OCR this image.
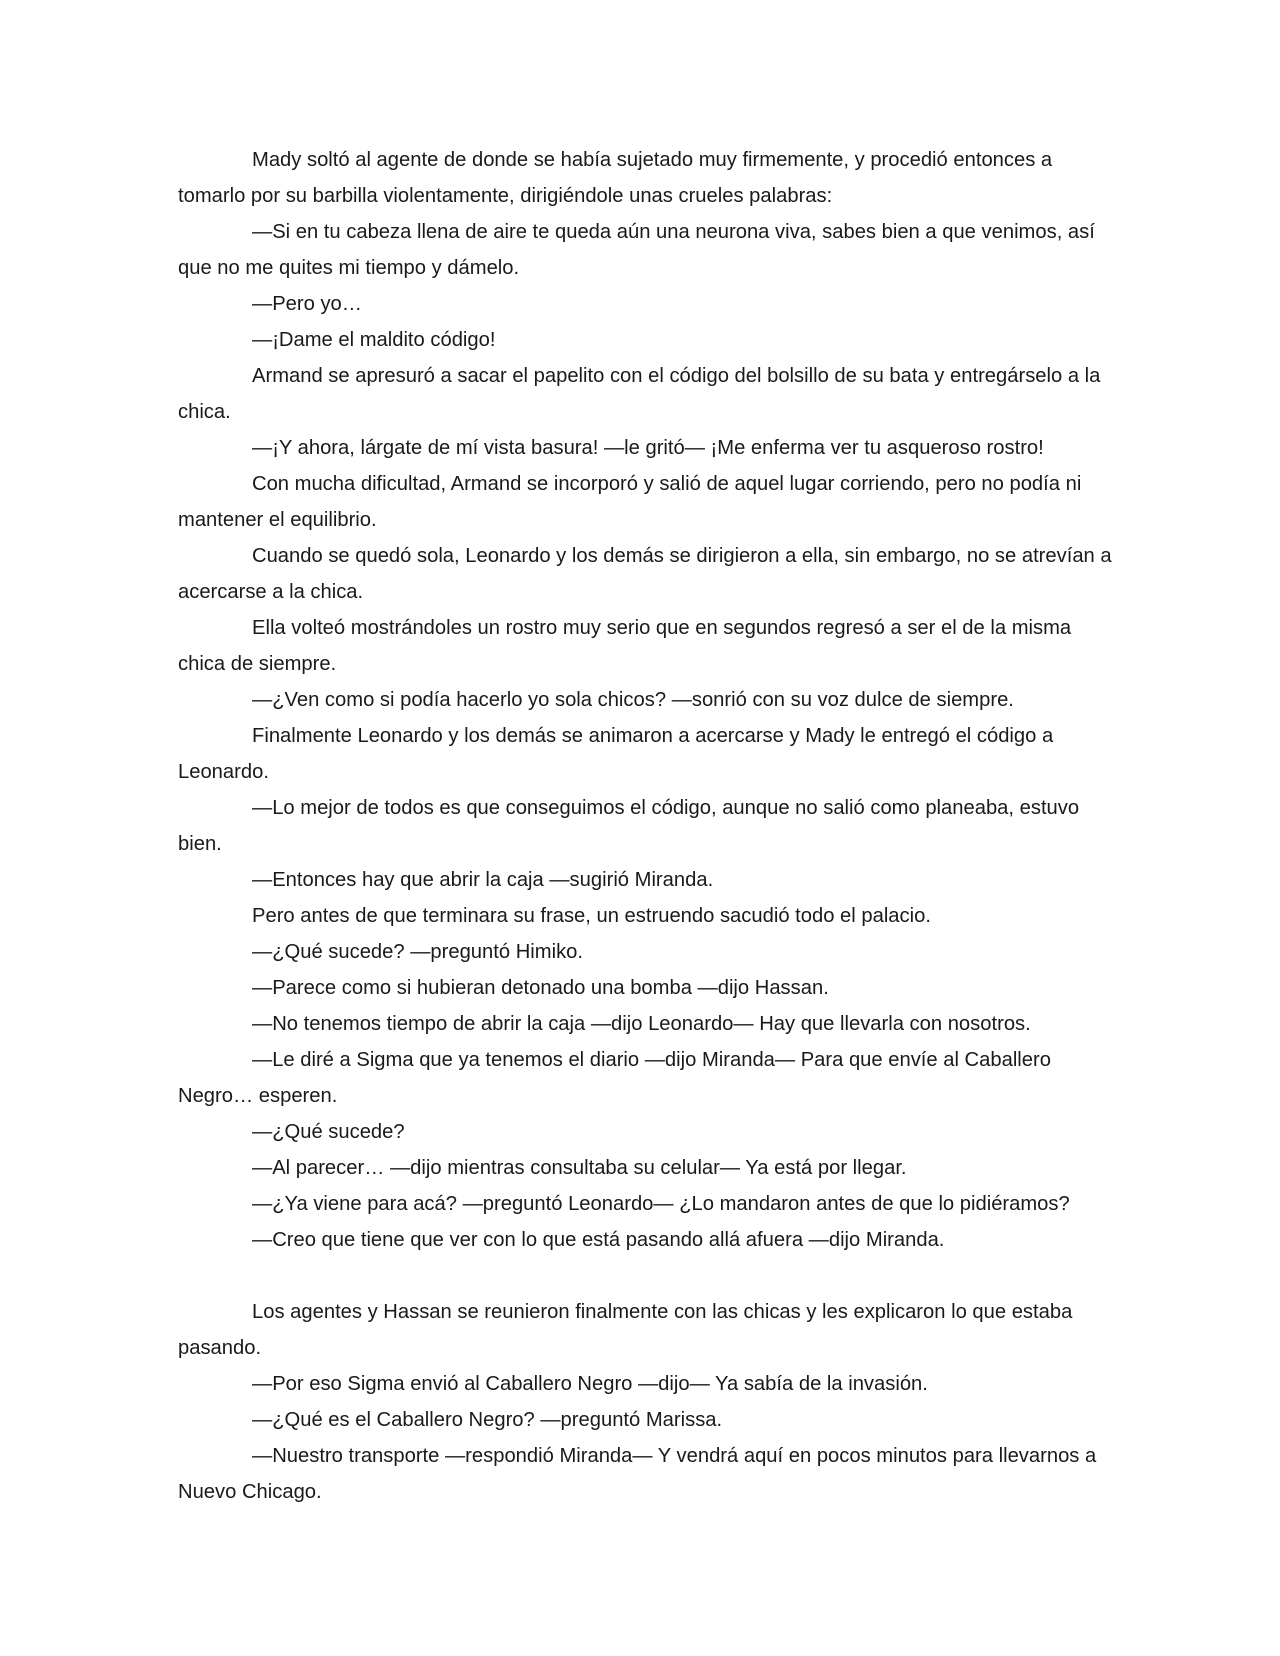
Mady soltó al agente de donde se había sujetado muy firmemente, y procedió entonces a tomarlo por su barbilla violentamente, dirigiéndole unas crueles palabras:

—Si en tu cabeza llena de aire te queda aún una neurona viva, sabes bien a que venimos, así que no me quites mi tiempo y dámelo.

—Pero yo…

—¡Dame el maldito código!

Armand se apresuró a sacar el papelito con el código del bolsillo de su bata y entregárselo a la chica.

—¡Y ahora, lárgate de mí vista basura! —le gritó— ¡Me enferma ver tu asqueroso rostro!

Con mucha dificultad, Armand se incorporó y salió de aquel lugar corriendo, pero no podía ni mantener el equilibrio.

Cuando se quedó sola, Leonardo y los demás se dirigieron a ella, sin embargo, no se atrevían a acercarse a la chica.

Ella volteó mostrándoles un rostro muy serio que en segundos regresó a ser el de la misma chica de siempre.

—¿Ven como si podía hacerlo yo sola chicos? —sonrió con su voz dulce de siempre.

Finalmente Leonardo y los demás se animaron a acercarse y Mady le entregó el código a Leonardo.

—Lo mejor de todos es que conseguimos el código, aunque no salió como planeaba, estuvo bien.

—Entonces hay que abrir la caja —sugirió Miranda.

Pero antes de que terminara su frase, un estruendo sacudió todo el palacio.

—¿Qué sucede? —preguntó Himiko.

—Parece como si hubieran detonado una bomba —dijo Hassan.

—No tenemos tiempo de abrir la caja —dijo Leonardo— Hay que llevarla con nosotros.

—Le diré a Sigma que ya tenemos el diario —dijo Miranda— Para que envíe al Caballero Negro… esperen.

—¿Qué sucede?

—Al parecer… —dijo mientras consultaba su celular— Ya está por llegar.

—¿Ya viene para acá? —preguntó Leonardo— ¿Lo mandaron antes de que lo pidiéramos?

—Creo que tiene que ver con lo que está pasando allá afuera —dijo Miranda.

Los agentes y Hassan se reunieron finalmente con las chicas y les explicaron lo que estaba pasando.

—Por eso Sigma envió al Caballero Negro —dijo— Ya sabía de la invasión.

—¿Qué es el Caballero Negro? —preguntó Marissa.

—Nuestro transporte —respondió Miranda— Y vendrá aquí en pocos minutos para llevarnos a Nuevo Chicago.
